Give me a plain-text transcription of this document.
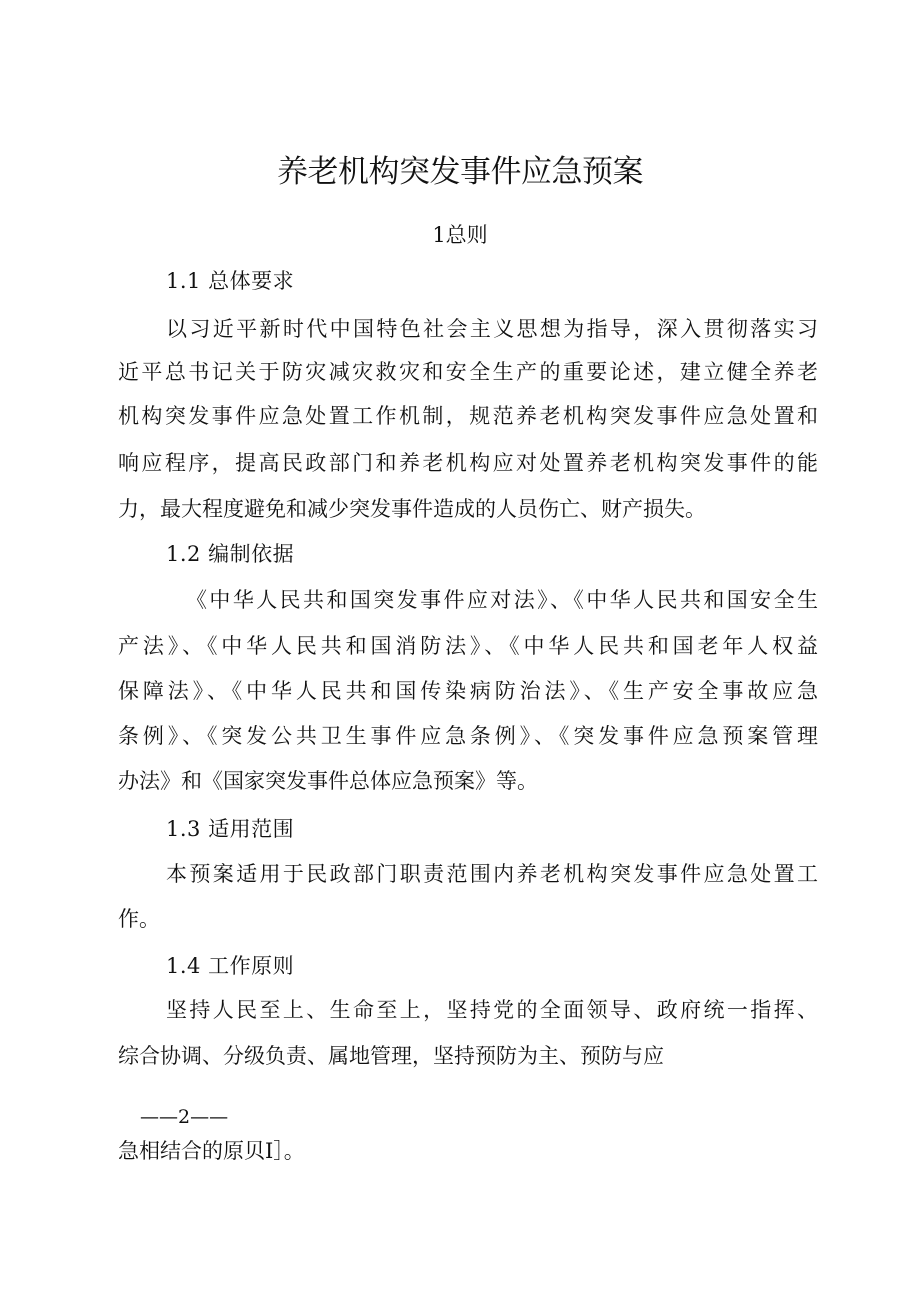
养老机构突发事件应急预案
1总则
1.1 总体要求
以习近平新时代中国特色社会主义思想为指导，深入贯彻落实习
近平总书记关于防灾减灾救灾和安全生产的重要论述，建立健全养老
机构突发事件应急处置工作机制，规范养老机构突发事件应急处置和
响应程序，提高民政部门和养老机构应对处置养老机构突发事件的能
力，最大程度避免和减少突发事件造成的人员伤亡、财产损失。
1.2 编制依据
《中华人民共和国突发事件应对法》、《中华人民共和国安全生
产法》、《中华人民共和国消防法》、《中华人民共和国老年人权益
保障法》、《中华人民共和国传染病防治法》、《生产安全事故应急
条例》、《突发公共卫生事件应急条例》、《突发事件应急预案管理
办法》和《国家突发事件总体应急预案》等。
1.3 适用范围
本预案适用于民政部门职责范围内养老机构突发事件应急处置工
作。
1.4 工作原则
坚持人民至上、生命至上，坚持党的全面领导、政府统一指挥、
综合协调、分级负责、属地管理，坚持预防为主、预防与应
——2——
急相结合的原贝I］。
